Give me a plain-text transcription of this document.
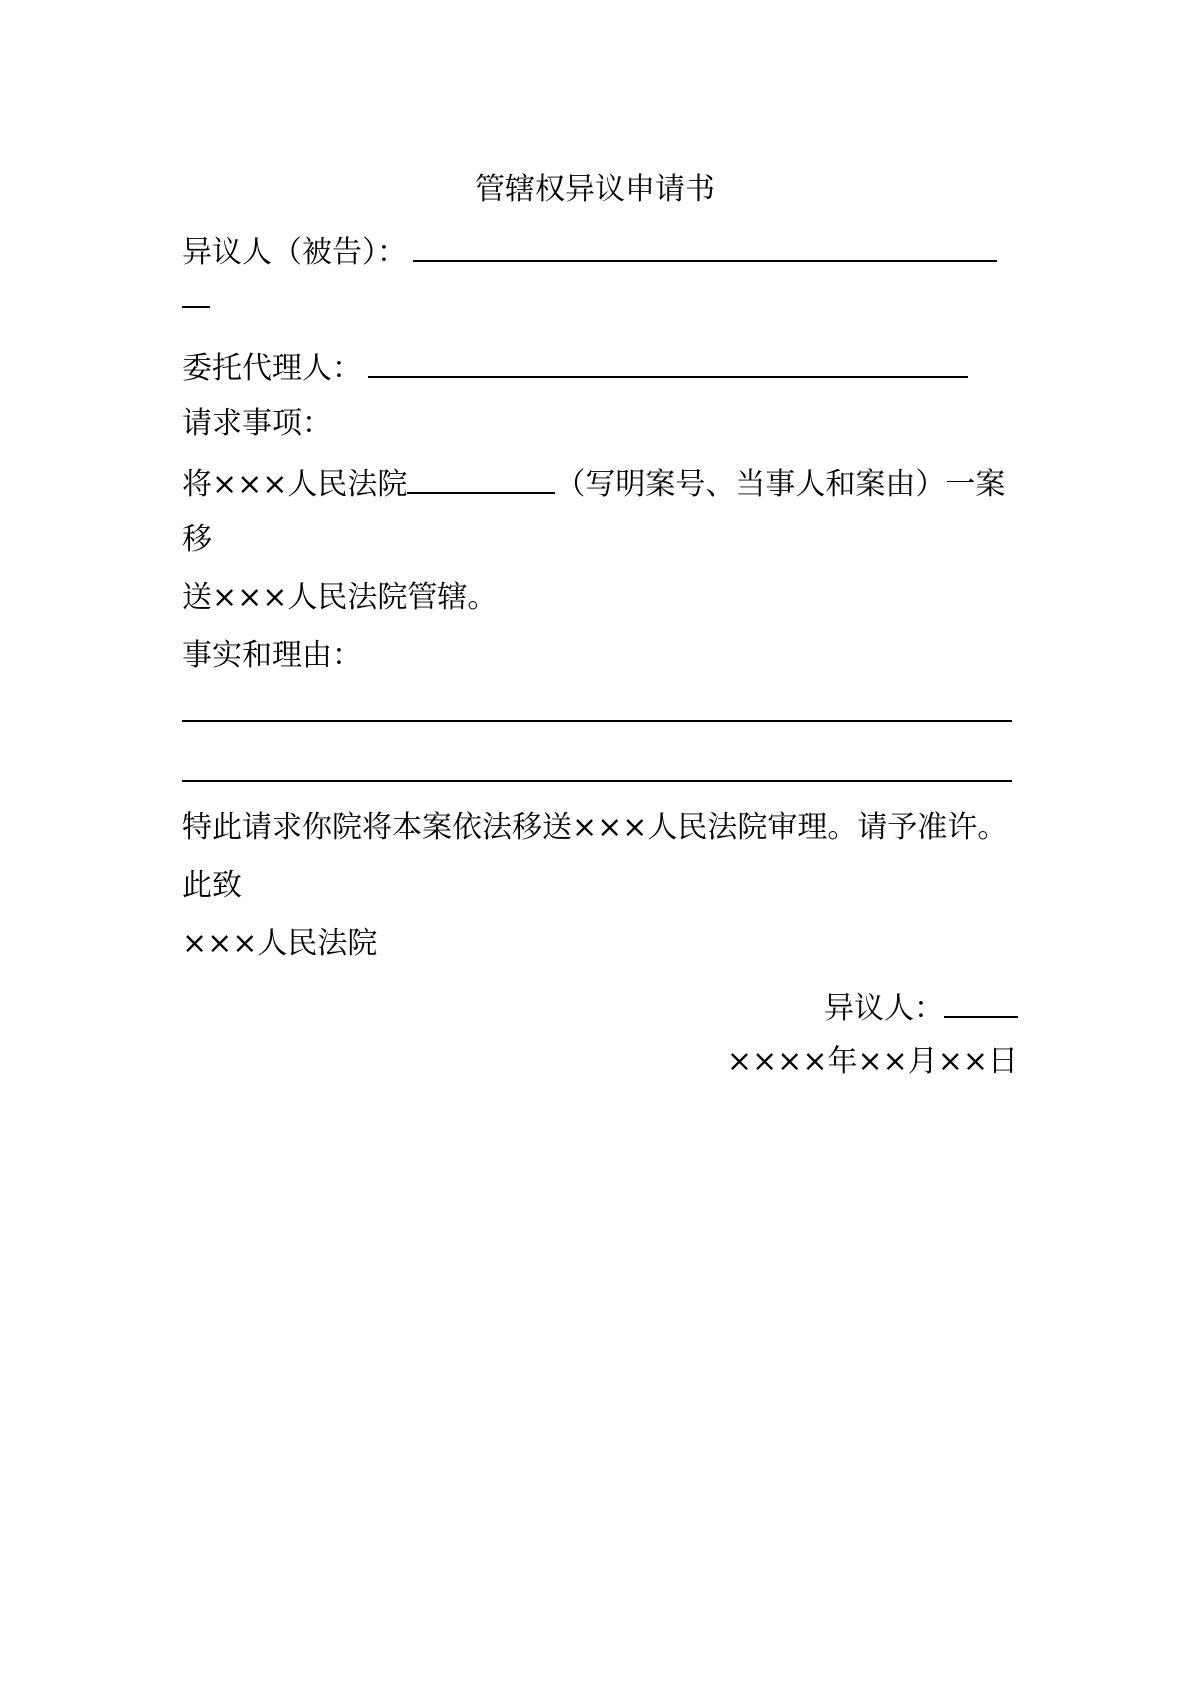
管辖权异议申请书
异议人（被告）：
委托代理人：
请求事项：
将×××人民法院	（写明案号、当事人和案由）一案
移
送×××人民法院管辖。
事实和理由：
特此请求你院将本案依法移送×××人民法院审理。请予准许。
此致
×××人民法院
异议人：
××××年××月××日
